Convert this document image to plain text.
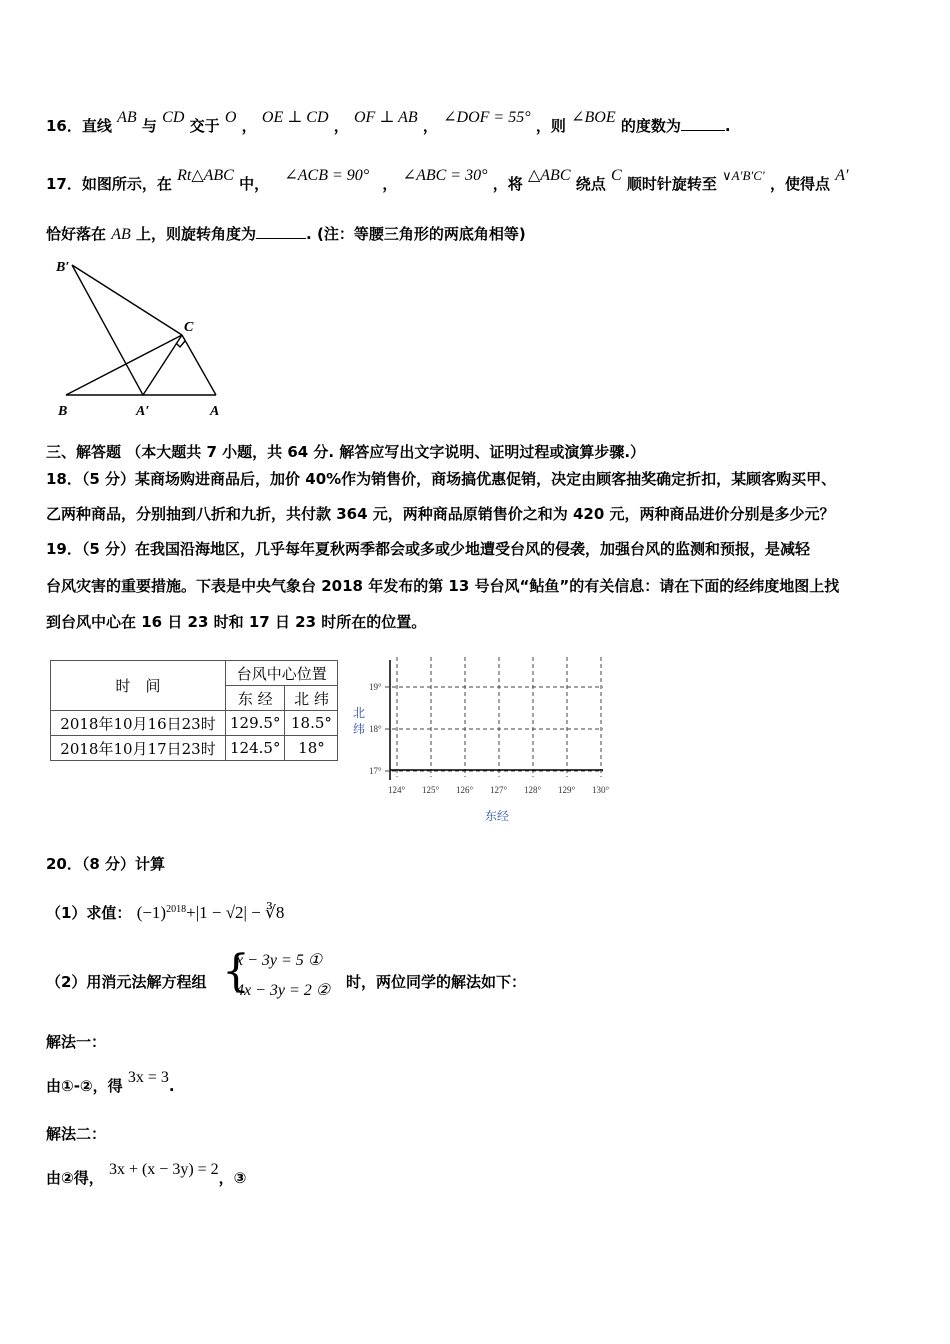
16．直线 AB 与 CD 交于 O ， OE ⊥ CD ， OF ⊥ AB ， ∠DOF = 55° ，则 ∠BOE 的度数为	.
17．如图所示，在 Rt△ABC 中， ∠ACB = 90° ， ∠ABC = 30° ，将 △ABC 绕点 C 顺时针旋转至 ∨A′B′C′ ，使得点 A′
恰好落在 AB 上，则旋转角度为	. (注：等腰三角形的两底角相等)
B′
C
B	A′	A
三、解答题 （本大题共 7 小题，共 64 分. 解答应写出文字说明、证明过程或演算步骤.）
18．（5 分）某商场购进商品后，加价 40%作为销售价，商场搞优惠促销，决定由顾客抽奖确定折扣，某顾客购买甲、
乙两种商品，分别抽到八折和九折，共付款 364 元，两种商品原销售价之和为 420 元，两种商品进价分别是多少元？
19．（5 分）在我国沿海地区，几乎每年夏秋两季都会或多或少地遭受台风的侵袭，加强台风的监测和预报，是减轻
台风灾害的重要措施。下表是中央气象台 2018 年发布的第 13 号台风“鲇鱼”的有关信息：请在下面的经纬度地图上找
到台风中心在 16 日 23 时和 17 日 23 时所在的位置。
时　间	台风中心位置	
	东 经	北 纬
2018年10月16日23时	129.5°	18.5°
2018年10月17日23时	124.5°	18°
19°
18°
17°
124° 125° 126° 127° 128° 129° 130°
北纬
东经
20．（8 分）计算
（1）求值： $(-1)^{2018}+|1 - √2|$ − ∛8
（2）用消元法解方程组 {
x − 3y = 5 ①
4x − 3y = 2 ② 时，两位同学的解法如下：
解法一：
由①-②，得 3x = 3.
解法二：
由②得， 3x + (x − 3y) = 2，③
